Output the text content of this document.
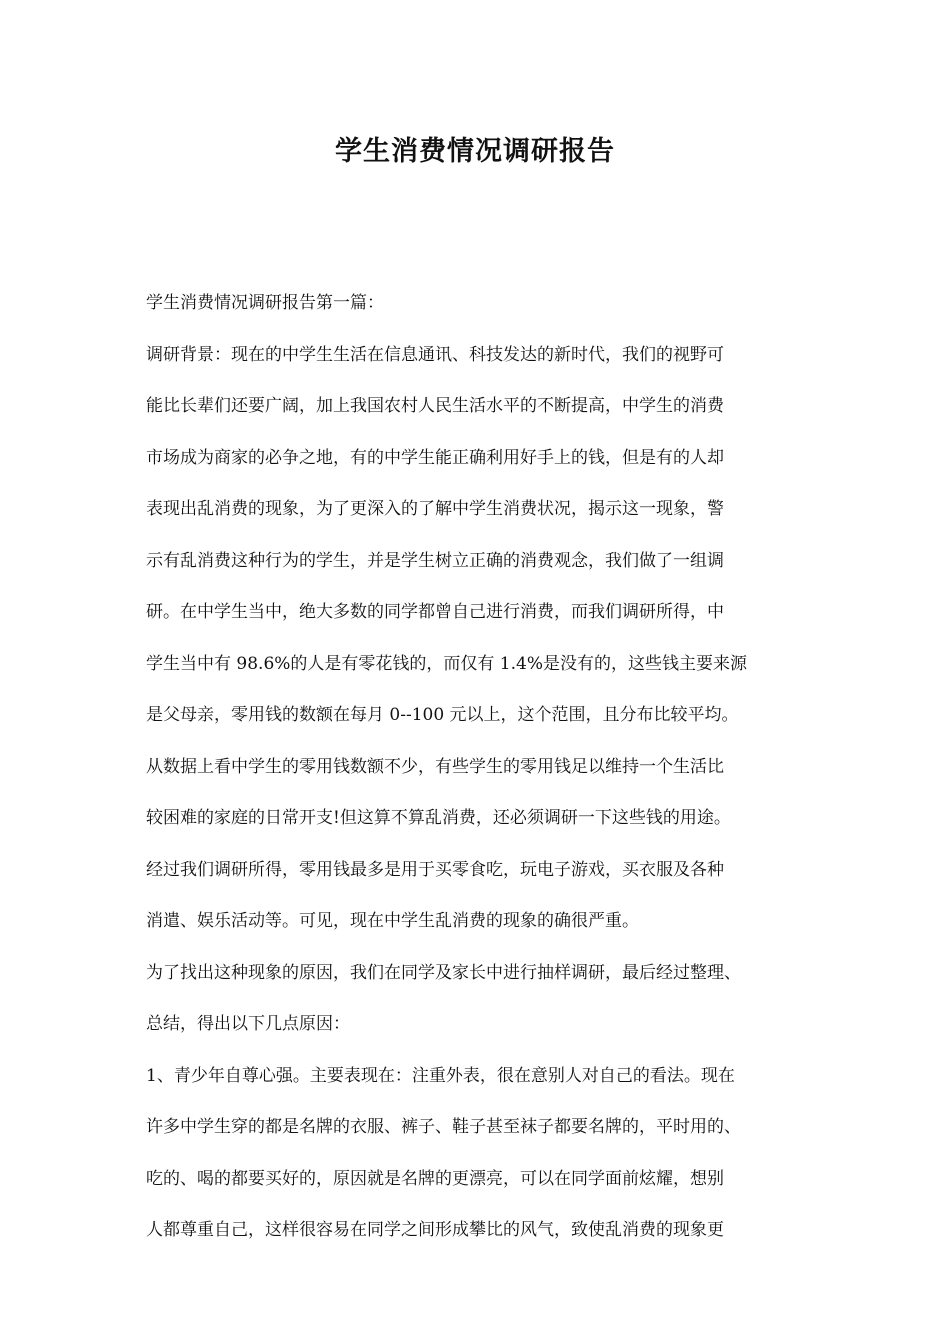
学生消费情况调研报告
学生消费情况调研报告第一篇：
调研背景：现在的中学生生活在信息通讯、科技发达的新时代，我们的视野可
能比长辈们还要广阔，加上我国农村人民生活水平的不断提高，中学生的消费
市场成为商家的必争之地，有的中学生能正确利用好手上的钱，但是有的人却
表现出乱消费的现象，为了更深入的了解中学生消费状况，揭示这一现象，警
示有乱消费这种行为的学生，并是学生树立正确的消费观念，我们做了一组调
研。在中学生当中，绝大多数的同学都曾自己进行消费，而我们调研所得，中
学生当中有 98.6%的人是有零花钱的，而仅有 1.4%是没有的，这些钱主要来源
是父母亲，零用钱的数额在每月 0--100 元以上，这个范围，且分布比较平均。
从数据上看中学生的零用钱数额不少，有些学生的零用钱足以维持一个生活比
较困难的家庭的日常开支!但这算不算乱消费，还必须调研一下这些钱的用途。
经过我们调研所得，零用钱最多是用于买零食吃，玩电子游戏，买衣服及各种
消遣、娱乐活动等。可见，现在中学生乱消费的现象的确很严重。
为了找出这种现象的原因，我们在同学及家长中进行抽样调研，最后经过整理、
总结，得出以下几点原因：
1、青少年自尊心强。主要表现在：注重外表，很在意别人对自己的看法。现在
许多中学生穿的都是名牌的衣服、裤子、鞋子甚至袜子都要名牌的，平时用的、
吃的、喝的都要买好的，原因就是名牌的更漂亮，可以在同学面前炫耀，想别
人都尊重自己，这样很容易在同学之间形成攀比的风气，致使乱消费的现象更
